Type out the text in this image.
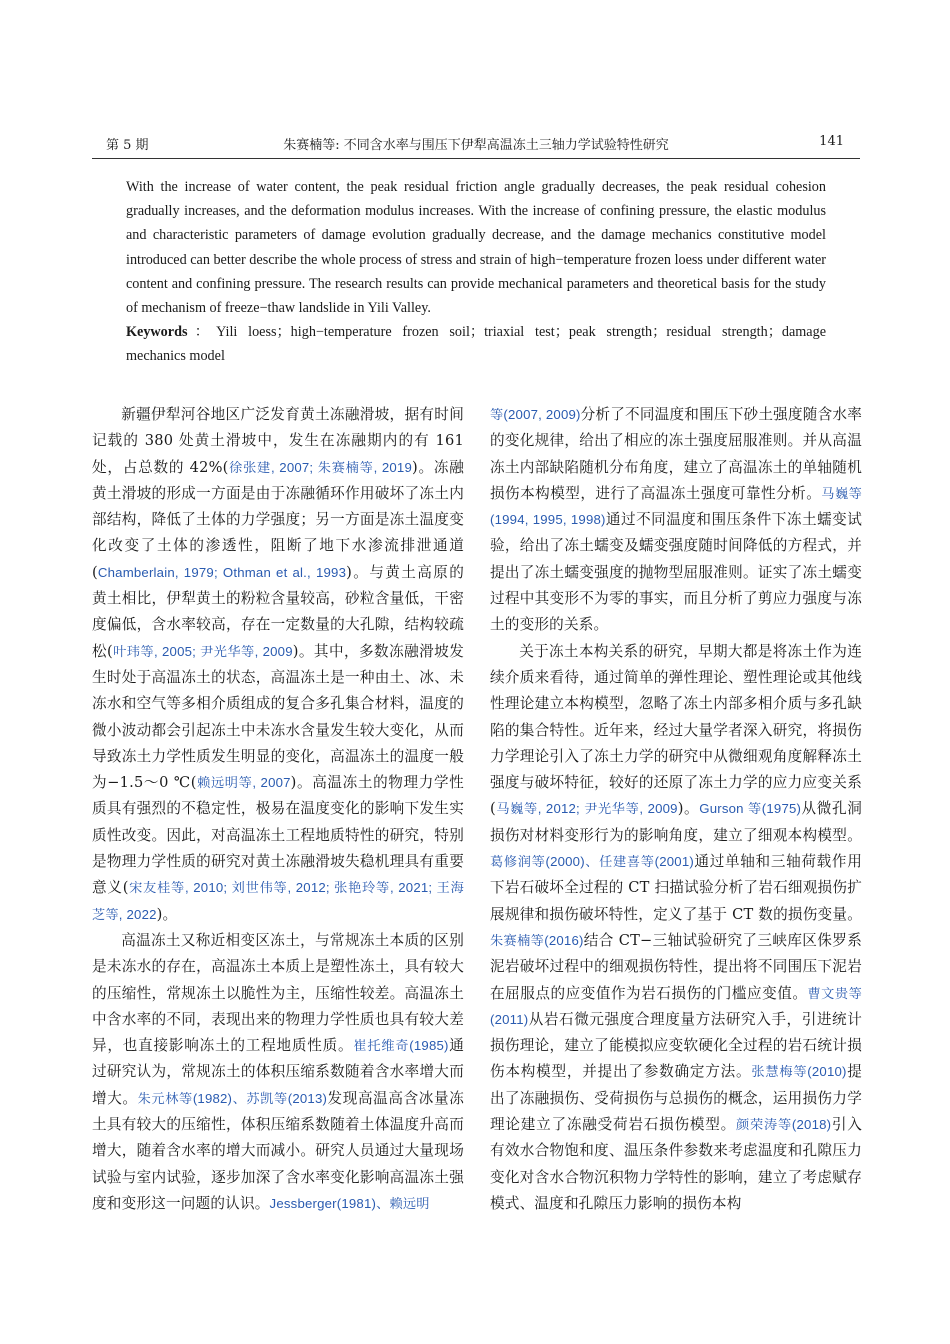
第 5 期	朱赛楠等: 不同含水率与围压下伊犁高温冻土三轴力学试验特性研究	141

With the increase of water content, the peak residual friction angle gradually decreases, the peak residual cohesion gradually increases, and the deformation modulus increases. With the increase of confining pressure, the elastic modulus and characteristic parameters of damage evolution gradually decrease, and the damage mechanics constitutive model introduced can better describe the whole process of stress and strain of high−temperature frozen loess under different water content and confining pressure. The research results can provide mechanical parameters and theoretical basis for the study of mechanism of freeze−thaw landslide in Yili Valley.

Keywords：Yili loess；high−temperature frozen soil；triaxial test；peak strength；residual strength；damage mechanics model

新疆伊犁河谷地区广泛发育黄土冻融滑坡，据有时间记载的 380 处黄土滑坡中，发生在冻融期内的有 161 处，占总数的 42%(徐张建, 2007; 朱赛楠等, 2019)。冻融黄土滑坡的形成一方面是由于冻融循环作用破坏了冻土内部结构，降低了土体的力学强度；另一方面是冻土温度变化改变了土体的渗透性，阻断了地下水渗流排泄通道(Chamberlain, 1979; Othman et al., 1993)。与黄土高原的黄土相比，伊犁黄土的粉粒含量较高，砂粒含量低，干密度偏低，含水率较高，存在一定数量的大孔隙，结构较疏松(叶玮等, 2005; 尹光华等, 2009)。其中，多数冻融滑坡发生时处于高温冻土的状态，高温冻土是一种由土、冰、未冻水和空气等多相介质组成的复合多孔集合材料，温度的微小波动都会引起冻土中未冻水含量发生较大变化，从而导致冻土力学性质发生明显的变化，高温冻土的温度一般为−1.5～0 ℃(赖远明等, 2007)。高温冻土的物理力学性质具有强烈的不稳定性，极易在温度变化的影响下发生实质性改变。因此，对高温冻土工程地质特性的研究，特别是物理力学性质的研究对黄土冻融滑坡失稳机理具有重要意义(宋友桂等, 2010; 刘世伟等, 2012; 张艳玲等, 2021; 王海芝等, 2022)。

高温冻土又称近相变区冻土，与常规冻土本质的区别是未冻水的存在，高温冻土本质上是塑性冻土，具有较大的压缩性，常规冻土以脆性为主，压缩性较差。高温冻土中含水率的不同，表现出来的物理力学性质也具有较大差异，也直接影响冻土的工程地质性质。崔托维奇(1985)通过研究认为，常规冻土的体积压缩系数随着含水率增大而增大。朱元林等(1982)、苏凯等(2013)发现高温高含冰量冻土具有较大的压缩性，体积压缩系数随着土体温度升高而增大，随着含水率的增大而减小。研究人员通过大量现场试验与室内试验，逐步加深了含水率变化影响高温冻土强度和变形这一问题的认识。Jessberger(1981)、赖远明

等(2007, 2009)分析了不同温度和围压下砂土强度随含水率的变化规律，给出了相应的冻土强度屈服准则。并从高温冻土内部缺陷随机分布角度，建立了高温冻土的单轴随机损伤本构模型，进行了高温冻土强度可靠性分析。马巍等(1994, 1995, 1998)通过不同温度和围压条件下冻土蠕变试验，给出了冻土蠕变及蠕变强度随时间降低的方程式，并提出了冻土蠕变强度的抛物型屈服准则。证实了冻土蠕变过程中其变形不为零的事实，而且分析了剪应力强度与冻土的变形的关系。

关于冻土本构关系的研究，早期大都是将冻土作为连续介质来看待，通过简单的弹性理论、塑性理论或其他线性理论建立本构模型，忽略了冻土内部多相介质与多孔缺陷的集合特性。近年来，经过大量学者深入研究，将损伤力学理论引入了冻土力学的研究中从微细观角度解释冻土强度与破坏特征，较好的还原了冻土力学的应力应变关系(马巍等, 2012; 尹光华等, 2009)。Gurson 等(1975)从微孔洞损伤对材料变形行为的影响角度，建立了细观本构模型。葛修润等(2000)、任建喜等(2001)通过单轴和三轴荷载作用下岩石破坏全过程的 CT 扫描试验分析了岩石细观损伤扩展规律和损伤破坏特性，定义了基于 CT 数的损伤变量。朱赛楠等(2016)结合 CT−三轴试验研究了三峡库区侏罗系泥岩破坏过程中的细观损伤特性，提出将不同围压下泥岩在屈服点的应变值作为岩石损伤的门槛应变值。曹文贵等(2011)从岩石微元强度合理度量方法研究入手，引进统计损伤理论，建立了能模拟应变软硬化全过程的岩石统计损伤本构模型，并提出了参数确定方法。张慧梅等(2010)提出了冻融损伤、受荷损伤与总损伤的概念，运用损伤力学理论建立了冻融受荷岩石损伤模型。颜荣涛等(2018)引入有效水合物饱和度、温压条件参数来考虑温度和孔隙压力变化对含水合物沉积物力学特性的影响，建立了考虑赋存模式、温度和孔隙压力影响的损伤本构
